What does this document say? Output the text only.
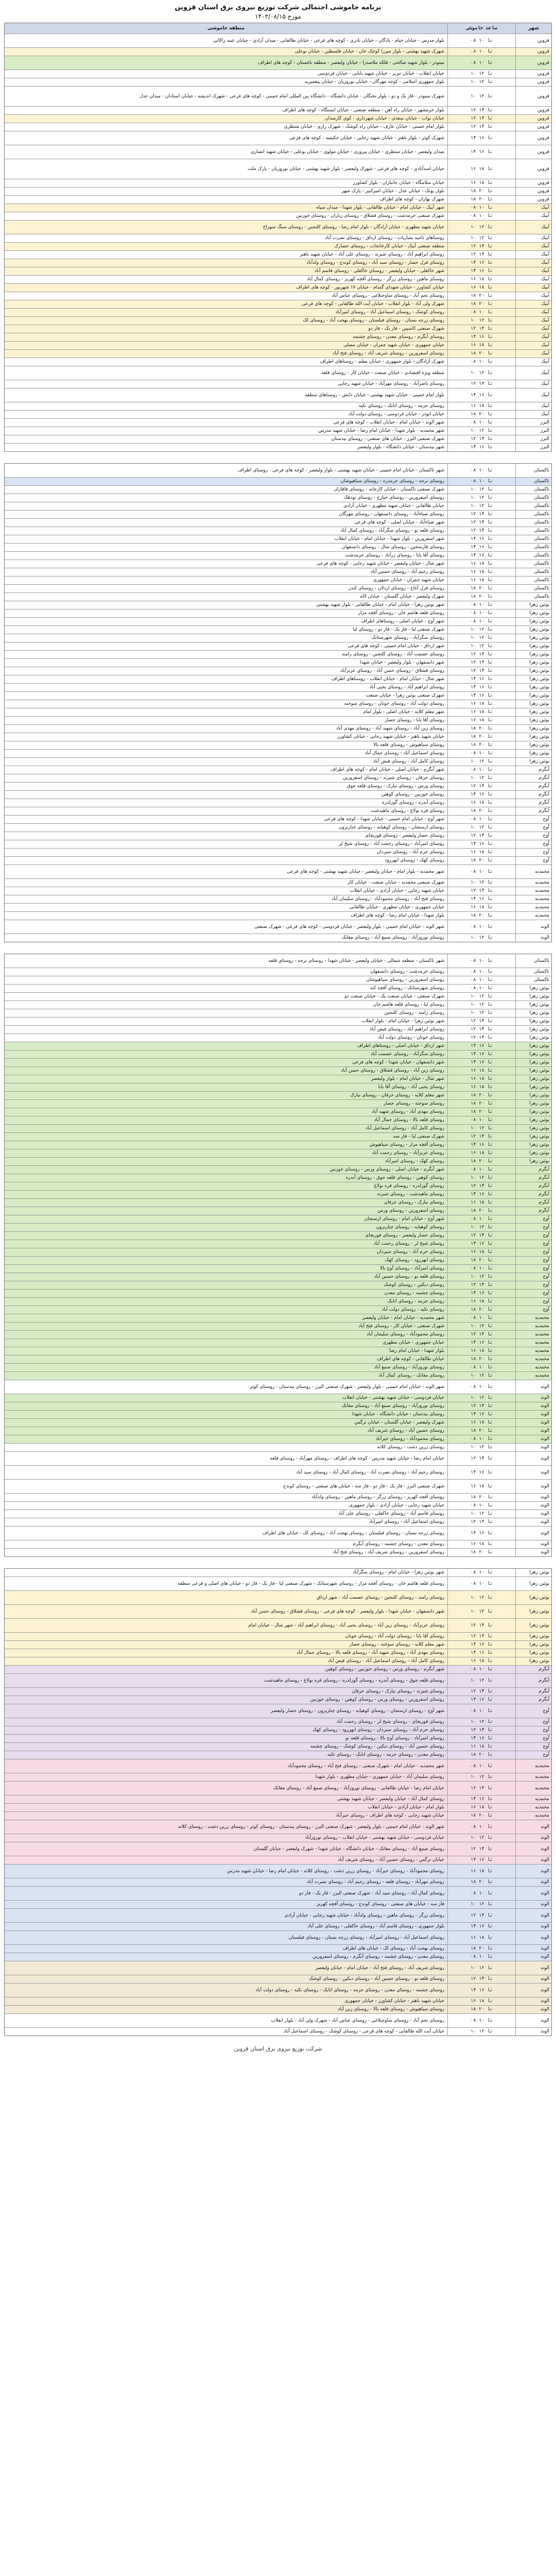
برنامه خاموشی احتمالی شرکت توزیع نیروی برق استان قزوین
مورخ ۱۴۰۳/۰۸/۱۵
شهر
ساعت خاموشی
منطقه خاموشی
قزوین
۰۸ تا ۱۰
بلوار مدرس - خیابان خیام - پادگان - خیابان نادری - کوچه های فرعی - خیابان طالقانی - میدان آزادی - خیابان عبید زاکانی
قزوین
۰۸ تا ۱۰
شهرک شهید بهشتی - بلوار میرزا کوچک خان - خیابان فلسطین - خیابان بوعلی
قزوین
۰۸ تا ۱۰
مینودر - بلوار شهید صالحی - فلکه ملاصدرا - خیابان ولیعصر - منطقه باغستان - کوچه های اطراف
قزوین
۱۰ تا ۱۲
خیابان انقلاب - خیابان تبریز - خیابان شهید بابایی - خیابان فردوسی
قزوین
۱۰ تا ۱۲
بلوار جمهوری اسلامی - کوچه مهرگان - خیابان نوروزیان - خیابان پیغمبریه
قزوین
۱۰ تا ۱۲
شهرک مینودر - فاز یک و دو - بلوار نخبگان - خیابان دانشگاه - دانشگاه بین المللی امام خمینی - کوچه های فرعی - شهرک اندیشه - خیابان استادان - میدان عدل
قزوین
۱۲ تا ۱۴
بلوار خرمشهر - خیابان راه آهن - منطقه صنعتی - خیابان ایستگاه - کوچه های اطراف
قزوین
۱۲ تا ۱۴
خیابان نواب - خیابان سعدی - خیابان شهرداری - کوی کارمندان
قزوین
۱۲ تا ۱۴
بلوار امام خمینی - خیابان عارف - خیابان راه کوشک - شهرک رازی - خیابان منتظری
قزوین
۱۴ تا ۱۶
شهرک کوثر - بلوار باهنر - خیابان شهید رجایی - خیابان حکیمیه - کوچه های فرعی
قزوین
۱۴ تا ۱۶
میدان ولیعصر - خیابان منتظری - خیابان پیروزی - خیابان مولوی - خیابان بوعلی - خیابان شهید انصاری
قزوین
۱۶ تا ۱۸
خیابان اسدآبادی - کوچه های فرعی - شهرک ولیعصر - بلوار شهید بهشتی - خیابان نوروزیان - پارک ملت
قزوین
۱۶ تا ۱۸
خیابان سلامگاه - خیابان جانبازان - بلوار کشاورز
قزوین
۱۸ تا ۲۰
بلوار پونک - خیابان عدل - خیابان امیرکبیر - پارک شهر
قزوین
۱۸ تا ۲۰
شهرک بهاران - کوچه های اطراف
آبیک
۰۸ تا ۱۰
شهر آبیک - خیابان امام - خیابان طالقانی - بلوار شهدا - میدان سپاه
آبیک
۰۸ تا ۱۰
شهرک صنعتی خرمدشت - روستای قشلاق - روستای زیاران - روستای خوزنین
آبیک
۱۰ تا ۱۲
خیابان شهید مطهری - خیابان آزادگان - بلوار امام رضا - روستای کلنجین - روستای سنگ سوراخ
آبیک
۱۰ تا ۱۲
روستاهای ناحیه بشاریات - روستای ارداق - روستای نصرت آباد
آبیک
۱۲ تا ۱۴
منطقه صنعتی آبیک - خیابان کارخانجات - روستای حصارک
آبیک
۱۲ تا ۱۴
روستای ابراهیم آباد - روستای شیزند - روستای علی آباد - خیابان شهید باهنر
آبیک
۱۴ تا ۱۶
روستای قزل حصار - روستای سید آباد - روستای کوندج - روستای ولدآباد
آبیک
۱۴ تا ۱۶
شهر خاکعلی - خیابان ولیعصر - روستای خاکعلی - روستای قاسم آباد
آبیک
۱۶ تا ۱۸
روستای ماهین - روستای زرگر - روستای آقچه کهریز - روستای کمال آباد
آبیک
۱۶ تا ۱۸
خیابان کشاورز - خیابان شهدای گمنام - خیابان ۱۷ شهریور - کوچه های اطراف
آبیک
۱۸ تا ۲۰
روستای نجم آباد - روستای ساوجبلاغی - روستای عباس آباد
آبیک
۱۸ تا ۲۰
شهرک ولی آباد - بلوار انقلاب - خیابان آیت الله طالقانی - کوچه های فرعی
آبیک
۰۸ تا ۱۰
روستای کوشک - روستای اسماعیل آباد - روستای امیرآباد
آبیک
۱۰ تا ۱۲
روستای زرجه بستان - روستای فیلستان - روستای بهجت آباد - روستای لک
آبیک
۱۲ تا ۱۴
شهرک صنعتی کاسپین - فاز یک - فاز دو
آبیک
۱۴ تا ۱۶
روستای آبگرم - روستای معدن - روستای چشمه
آبیک
۱۶ تا ۱۸
خیابان جمهوری - خیابان شهید چمران - خیابان مصلی
آبیک
۱۸ تا ۲۰
روستای اسفرورین - روستای شریف آباد - روستای فتح آباد
آبیک
۰۸ تا ۱۰
شهرک آزادگان - بلوار جمهوری - خیابان معلم - روستاهای اطراف
آبیک
۱۰ تا ۱۲
منطقه ویژه اقتصادی - خیابان صنعت - خیابان کار - روستای قلعه
آبیک
۱۲ تا ۱۴
روستای ناصرآباد - روستای مهرآباد - خیابان شهید رجایی
آبیک
۱۴ تا ۱۶
بلوار امام خمینی - خیابان شهید بهشتی - خیابان دانش - روستاهای منطقه
آبیک
۱۶ تا ۱۸
روستای جزمه - روستای اتابک - روستای تکیه
آبیک
۱۸ تا ۲۰
خیابان ابوذر - خیابان فردوسی - روستای دولت آباد
البرز
۰۸ تا ۱۰
شهر الوند - خیابان امام - خیابان انقلاب - کوچه های فرعی
البرز
۱۰ تا ۱۲
شهر محمدیه - بلوار شهدا - خیابان امام رضا - خیابان شهید مدرس
البرز
۱۲ تا ۱۴
شهرک صنعتی البرز - خیابان های صنعتی - روستای بیدستان
البرز
۱۴ تا ۱۶
شهر بیدستان - خیابان دانشگاه - بلوار ولیعصر
تاکستان
۰۸ تا ۱۰
شهر تاکستان - خیابان امام خمینی - خیابان شهید بهشتی - بلوار ولیعصر - کوچه های فرعی - روستای اطراف
تاکستان
۰۸ تا ۱۰
روستای نرجه - روستای خرمدره - روستای سیاهپوشان
تاکستان
۱۰ تا ۱۲
شهرک صنعتی تاکستان - خیابان کارخانه - روستای قاقازان
تاکستان
۱۰ تا ۱۲
روستای اسفرورین - روستای خیارج - روستای نودهک
تاکستان
۱۰ تا ۱۲
خیابان طالقانی - خیابان شهید مطهری - خیابان آزادی
تاکستان
۱۲ تا ۱۴
روستای ضیاءآباد - روستای دانسفهان - روستای مهرگان
تاکستان
۱۲ تا ۱۴
شهر ضیاءآباد - خیابان اصلی - کوچه های فرعی
تاکستان
۱۲ تا ۱۴
روستای قلعه نو - روستای سگزآباد - روستای کمال آباد
تاکستان
۱۴ تا ۱۶
شهر اسفرورین - بلوار شهدا - خیابان امام - خیابان انقلاب
تاکستان
۱۴ تا ۱۶
روستای فارسجین - روستای شال - روستای دانسفهان
تاکستان
۱۴ تا ۱۶
روستای آقا بابا - روستای زرآباد - روستای خرمدشت
تاکستان
۱۶ تا ۱۸
شهر شال - خیابان ولیعصر - خیابان شهید رجایی - کوچه های فرعی
تاکستان
۱۶ تا ۱۸
روستای رحیم آباد - روستای حسین آباد
تاکستان
۱۶ تا ۱۸
خیابان شهید چمران - خیابان جمهوری
تاکستان
۱۸ تا ۲۰
روستای قزل آغاج - روستای اردلان - روستای کندر
تاکستان
۱۸ تا ۲۰
شهرک ولیعصر - خیابان گلستان - خیابان لاله
بوئین زهرا
۰۸ تا ۱۰
شهر بوئین زهرا - خیابان امام - خیابان طالقانی - بلوار شهید بهشتی
بوئین زهرا
۰۸ تا ۱۰
روستای قلعه هاشم خان - روستای آقچه مزار
بوئین زهرا
۰۸ تا ۱۰
شهر آوج - خیابان اصلی - روستاهای اطراف
بوئین زهرا
۱۰ تا ۱۲
شهرک صنعتی لیا - فاز یک - فاز دو - روستای لیا
بوئین زهرا
۱۰ تا ۱۲
روستای سگزآباد - روستای شهرستانک
بوئین زهرا
۱۰ تا ۱۲
شهر ارداق - خیابان امام خمینی - کوچه های فرعی
بوئین زهرا
۱۲ تا ۱۴
روستای عصمت آباد - روستای کلنجین - روستای رامند
بوئین زهرا
۱۲ تا ۱۴
شهر دانسفهان - بلوار ولیعصر - خیابان شهدا
بوئین زهرا
۱۲ تا ۱۴
روستای قشلاق - روستای حسن آباد - روستای عزیزآباد
بوئین زهرا
۱۴ تا ۱۶
شهر شال - خیابان امام - خیابان انقلاب - روستاهای اطراف
بوئین زهرا
۱۴ تا ۱۶
روستای ابراهیم آباد - روستای یحیی آباد
بوئین زهرا
۱۴ تا ۱۶
شهرک صنعتی بوئین زهرا - خیابان صنعت
بوئین زهرا
۱۶ تا ۱۸
روستای دولت آباد - روستای خونان - روستای سوخته
بوئین زهرا
۱۶ تا ۱۸
شهر معلم کلایه - خیابان اصلی - بلوار امام
بوئین زهرا
۱۶ تا ۱۸
روستای آقا بابا - روستای حصار
بوئین زهرا
۱۸ تا ۲۰
روستای زین آباد - روستای شهید آباد - روستای مهدی آباد
بوئین زهرا
۱۸ تا ۲۰
خیابان شهید باهنر - خیابان شهید رجایی - خیابان کشاورز
بوئین زهرا
۱۸ تا ۲۰
روستای سیاهپوش - روستای قلعه بالا
بوئین زهرا
۰۸ تا ۱۰
روستای اسماعیل آباد - روستای جمال آباد
بوئین زهرا
۱۰ تا ۱۲
روستای کامل آباد - روستای فیض آباد
آبگرم
۰۸ تا ۱۰
شهر آبگرم - خیابان اصلی - خیابان امام - کوچه های اطراف
آبگرم
۱۰ تا ۱۲
روستای خرقان - روستای شیزند - روستای اسفرورین
آبگرم
۱۲ تا ۱۴
روستای ورس - روستای نیارک - روستای قلعه جوق
آبگرم
۱۴ تا ۱۶
روستای خوزنین - روستای کوهین
آبگرم
۱۶ تا ۱۸
روستای آبدره - روستای گوزلدره
آبگرم
۱۸ تا ۲۰
روستای قره بولاغ - روستای ماهیدشت
آوج
۰۸ تا ۱۰
شهر آوج - خیابان امام خمینی - خیابان شهدا - کوچه های فرعی
آوج
۱۰ تا ۱۲
روستای ارسنجان - روستای کوهپایه - روستای چناربرون
آوج
۱۲ تا ۱۴
روستای حصار ولیعصر - روستای قوریچای
آوج
۱۴ تا ۱۶
روستای امیرآباد - روستای رحمت آباد - روستای شیخ لر
آوج
۱۶ تا ۱۸
روستای خرم آباد - روستای سیردان
آوج
۱۸ تا ۲۰
روستای کهک - روستای ابهررود
محمدیه
۰۸ تا ۱۰
شهر محمدیه - بلوار امام - خیابان ولیعصر - خیابان شهید بهشتی - کوچه های فرعی
محمدیه
۱۰ تا ۱۲
شهرک صنعتی محمدیه - خیابان صنعت - خیابان کار
محمدیه
۱۲ تا ۱۴
خیابان شهید رجایی - خیابان آزادی - خیابان انقلاب
محمدیه
۱۴ تا ۱۶
روستای فتح آباد - روستای محمودآباد - روستای سلیمان آباد
محمدیه
۱۶ تا ۱۸
خیابان جمهوری - خیابان مطهری - خیابان طالقانی
محمدیه
۱۸ تا ۲۰
بلوار شهدا - خیابان امام رضا - کوچه های اطراف
الوند
۰۸ تا ۱۰
شهر الوند - خیابان امام خمینی - بلوار ولیعصر - خیابان فردوسی - کوچه های فرعی - شهرک صنعتی
الوند
۱۰ تا ۱۲
روستای نوروزآباد - روستای صمغ آباد - روستای مغانک
تاکستان
۰۸ تا ۱۰
شهر تاکستان - منطقه شمالی - خیابان ولیعصر - خیابان شهدا - روستای نرجه - روستای قلعه
تاکستان
۰۸ تا ۱۰
روستای خرمدشت - روستای دانسفهان
تاکستان
۰۸ تا ۱۰
روستای اسفرورین - روستای سیاهپوشان
بوئین زهرا
۰۸ تا ۱۰
روستای شهرستانک - روستای آقچه کند
بوئین زهرا
۱۰ تا ۱۲
شهرک صنعتی - خیابان صنعت یک - خیابان صنعت دو
بوئین زهرا
۱۰ تا ۱۲
روستای لیا - روستای قلعه هاشم خان
بوئین زهرا
۱۰ تا ۱۲
روستای رامند - روستای کلنجین
بوئین زهرا
۱۲ تا ۱۴
شهر بوئین زهرا - خیابان امام - بلوار انقلاب
بوئین زهرا
۱۲ تا ۱۴
روستای ابراهیم آباد - روستای فیض آباد
بوئین زهرا
۱۲ تا ۱۴
روستای خونان - روستای دولت آباد
بوئین زهرا
۱۴ تا ۱۶
شهر ارداق - خیابان اصلی - روستاهای اطراف
بوئین زهرا
۱۴ تا ۱۶
روستای سگزآباد - روستای عصمت آباد
بوئین زهرا
۱۴ تا ۱۶
شهر دانسفهان - خیابان شهدا - کوچه های فرعی
بوئین زهرا
۱۶ تا ۱۸
روستای زین آباد - روستای قشلاق - روستای حسن آباد
بوئین زهرا
۱۶ تا ۱۸
شهر شال - خیابان امام - بلوار ولیعصر
بوئین زهرا
۱۶ تا ۱۸
روستای یحیی آباد - روستای آقا بابا
بوئین زهرا
۱۸ تا ۲۰
شهر معلم کلایه - روستای خرقان - روستای نیارک
بوئین زهرا
۱۸ تا ۲۰
روستای سوخته - روستای حصار
بوئین زهرا
۱۸ تا ۲۰
روستای مهدی آباد - روستای شهید آباد
بوئین زهرا
۰۸ تا ۱۰
روستای قلعه بالا - روستای جمال آباد
بوئین زهرا
۱۰ تا ۱۲
روستای کامل آباد - روستای اسماعیل آباد
بوئین زهرا
۱۲ تا ۱۴
شهرک صنعتی لیا - فاز سه
بوئین زهرا
۱۴ تا ۱۶
روستای آقچه مزار - روستای سیاهپوش
بوئین زهرا
۱۶ تا ۱۸
روستای عزیزآباد - روستای رحمت آباد
بوئین زهرا
۱۸ تا ۲۰
روستای کهک - روستای امیرآباد
آبگرم
۰۸ تا ۱۰
شهر آبگرم - خیابان اصلی - روستای ورس - روستای خوزنین
آبگرم
۱۰ تا ۱۲
روستای کوهین - روستای قلعه جوق - روستای آبدره
آبگرم
۱۲ تا ۱۴
روستای گوزلدره - روستای قره بولاغ
آبگرم
۱۴ تا ۱۶
روستای ماهیدشت - روستای شیزند
آبگرم
۱۶ تا ۱۸
روستای نیارک - روستای خرقان
آبگرم
۱۸ تا ۲۰
روستای اسفرورین - روستای ورس
آوج
۰۸ تا ۱۰
شهر آوج - خیابان امام - روستای ارسنجان
آوج
۱۰ تا ۱۲
روستای کوهپایه - روستای چناربرون
آوج
۱۲ تا ۱۴
روستای حصار ولیعصر - روستای قوریچای
آوج
۱۴ تا ۱۶
روستای شیخ لر - روستای رحمت آباد
آوج
۱۶ تا ۱۸
روستای خرم آباد - روستای سیردان
آوج
۱۸ تا ۲۰
روستای ابهررود - روستای کهک
آوج
۰۸ تا ۱۰
روستای امیرآباد - روستای آوج بالا
آوج
۱۰ تا ۱۲
روستای قلعه نو - روستای حسین آباد
آوج
۱۲ تا ۱۴
روستای دیکین - روستای کوشک
آوج
۱۴ تا ۱۶
روستای چشمه - روستای معدن
آوج
۱۶ تا ۱۸
روستای جزمه - روستای اتابک
آوج
۱۸ تا ۲۰
روستای تکیه - روستای دولت آباد
محمدیه
۰۸ تا ۱۰
شهر محمدیه - خیابان امام - خیابان ولیعصر
محمدیه
۱۰ تا ۱۲
شهرک صنعتی - خیابان کار - روستای فتح آباد
محمدیه
۱۲ تا ۱۴
روستای محمودآباد - روستای سلیمان آباد
محمدیه
۱۴ تا ۱۶
خیابان جمهوری - خیابان مطهری
محمدیه
۱۶ تا ۱۸
بلوار شهدا - خیابان امام رضا
محمدیه
۱۸ تا ۲۰
خیابان طالقانی - کوچه های اطراف
محمدیه
۰۸ تا ۱۰
روستای نوروزآباد - روستای صمغ آباد
محمدیه
۱۰ تا ۱۲
روستای مغانک - روستای کمال آباد
الوند
۰۸ تا ۱۰
شهر الوند - خیابان امام خمینی - بلوار ولیعصر - شهرک صنعتی البرز - روستای بیدستان - روستای کوثر
الوند
۱۰ تا ۱۲
خیابان فردوسی - خیابان شهید بهشتی - خیابان انقلاب
الوند
۱۲ تا ۱۴
روستای نوروزآباد - روستای صمغ آباد - روستای مغانک
الوند
۱۴ تا ۱۶
روستای بیدستان - خیابان دانشگاه - خیابان شهدا
الوند
۱۶ تا ۱۸
شهرک ولیعصر - خیابان گلستان - خیابان نرگس
الوند
۱۸ تا ۲۰
روستای حسین آباد - روستای شریف آباد
الوند
۰۸ تا ۱۰
روستای محمودآباد - روستای خیرآباد
الوند
۱۰ تا ۱۲
روستای زرین دشت - روستای کلاته
الوند
۱۲ تا ۱۴
خیابان امام رضا - خیابان شهید مدرس - کوچه های اطراف - روستای مهرآباد - روستای قلعه
الوند
۱۴ تا ۱۶
روستای رحیم آباد - روستای نصرت آباد - روستای کمال آباد - روستای سید آباد
الوند
۱۶ تا ۱۸
شهرک صنعتی البرز - فاز یک - فاز دو - فاز سه - خیابان های صنعتی - روستای کوندج
الوند
۱۸ تا ۲۰
روستای آقچه کهریز - روستای زرگر - روستای ماهین - روستای ولدآباد
الوند
۰۸ تا ۱۰
خیابان شهید رجایی - خیابان آزادی - بلوار جمهوری
الوند
۱۰ تا ۱۲
روستای قاسم آباد - روستای خاکعلی - روستای علی آباد
الوند
۱۲ تا ۱۴
روستای اسماعیل آباد - روستای امیرآباد
الوند
۱۴ تا ۱۶
روستای زرجه بستان - روستای فیلستان - روستای بهجت آباد - روستای لک - خیابان های اطراف
الوند
۱۶ تا ۱۸
روستای معدن - روستای چشمه - روستای آبگرم
الوند
۱۸ تا ۲۰
روستای اسفرورین - روستای شریف آباد - روستای فتح آباد
بوئین زهرا
۰۸ تا ۱۰
شهر بوئین زهرا - خیابان امام - روستای سگزآباد
بوئین زهرا
۰۸ تا ۱۰
روستای قلعه هاشم خان - روستای آقچه مزار - روستای شهرستانک - شهرک صنعتی لیا - فاز یک - فاز دو - خیابان های اصلی و فرعی منطقه
بوئین زهرا
۱۰ تا ۱۲
روستای رامند - روستای کلنجین - روستای عصمت آباد - شهر ارداق
بوئین زهرا
۱۰ تا ۱۲
شهر دانسفهان - خیابان شهدا - بلوار ولیعصر - کوچه های فرعی - روستای قشلاق - روستای حسن آباد
بوئین زهرا
۱۲ تا ۱۴
روستای عزیزآباد - روستای زین آباد - روستای یحیی آباد - روستای ابراهیم آباد - شهر شال - خیابان امام
بوئین زهرا
۱۲ تا ۱۴
روستای آقا بابا - روستای دولت آباد - روستای خونان
بوئین زهرا
۱۴ تا ۱۶
شهر معلم کلایه - روستای سوخته - روستای حصار
بوئین زهرا
۱۴ تا ۱۶
روستای مهدی آباد - روستای شهید آباد - روستای قلعه بالا - روستای جمال آباد
بوئین زهرا
۱۶ تا ۱۸
روستای کامل آباد - روستای اسماعیل آباد - روستای فیض آباد
آبگرم
۰۸ تا ۱۰
شهر آبگرم - روستای ورس - روستای خوزنین - روستای کوهین
آبگرم
۱۰ تا ۱۲
روستای قلعه جوق - روستای آبدره - روستای گوزلدره - روستای قره بولاغ - روستای ماهیدشت
آبگرم
۱۲ تا ۱۴
روستای شیزند - روستای نیارک - روستای خرقان
آبگرم
۱۴ تا ۱۶
روستای اسفرورین - روستای ورس - روستای کوهین - روستای خوزنین
آوج
۰۸ تا ۱۰
شهر آوج - روستای ارسنجان - روستای کوهپایه - روستای چناربرون - روستای حصار ولیعصر
آوج
۱۰ تا ۱۲
روستای قوریچای - روستای شیخ لر - روستای رحمت آباد
آوج
۱۲ تا ۱۴
روستای خرم آباد - روستای سیردان - روستای ابهررود - روستای کهک
آوج
۱۴ تا ۱۶
روستای امیرآباد - روستای آوج بالا - روستای قلعه نو
آوج
۱۶ تا ۱۸
روستای حسین آباد - روستای دیکین - روستای کوشک - روستای چشمه
آوج
۱۸ تا ۲۰
روستای معدن - روستای جزمه - روستای اتابک - روستای تکیه
محمدیه
۰۸ تا ۱۰
شهر محمدیه - خیابان امام - شهرک صنعتی - روستای فتح آباد - روستای محمودآباد
محمدیه
۱۰ تا ۱۲
روستای سلیمان آباد - خیابان جمهوری - خیابان مطهری - بلوار شهدا
محمدیه
۱۲ تا ۱۴
خیابان امام رضا - خیابان طالقانی - روستای نوروزآباد - روستای صمغ آباد - روستای مغانک
محمدیه
۱۴ تا ۱۶
روستای کمال آباد - خیابان ولیعصر - خیابان شهید بهشتی
محمدیه
۱۶ تا ۱۸
بلوار امام - خیابان آزادی - خیابان انقلاب
محمدیه
۱۸ تا ۲۰
خیابان شهید رجایی - کوچه های اطراف - روستای خیرآباد
الوند
۰۸ تا ۱۰
شهر الوند - خیابان امام خمینی - بلوار ولیعصر - شهرک صنعتی البرز - روستای بیدستان - روستای کوثر - روستای زرین دشت - روستای کلاته
الوند
۱۰ تا ۱۲
خیابان فردوسی - خیابان شهید بهشتی - خیابان انقلاب - روستای نوروزآباد
الوند
۱۲ تا ۱۴
روستای صمغ آباد - روستای مغانک - خیابان دانشگاه - خیابان شهدا - شهرک ولیعصر - خیابان گلستان
الوند
۱۴ تا ۱۶
خیابان نرگس - روستای حسین آباد - روستای شریف آباد
الوند
۱۶ تا ۱۸
روستای محمودآباد - روستای خیرآباد - روستای زرین دشت - روستای کلاته - خیابان امام رضا - خیابان شهید مدرس
الوند
۱۸ تا ۲۰
روستای مهرآباد - روستای قلعه - روستای رحیم آباد - روستای نصرت آباد
الوند
۰۸ تا ۱۰
روستای کمال آباد - روستای سید آباد - شهرک صنعتی البرز - فاز یک - فاز دو
الوند
۱۰ تا ۱۲
فاز سه - خیابان های صنعتی - روستای کوندج - روستای آقچه کهریز
الوند
۱۲ تا ۱۴
روستای زرگر - روستای ماهین - روستای ولدآباد - خیابان شهید رجایی - خیابان آزادی
الوند
۱۴ تا ۱۶
بلوار جمهوری - روستای قاسم آباد - روستای خاکعلی - روستای علی آباد
الوند
۱۶ تا ۱۸
روستای اسماعیل آباد - روستای امیرآباد - روستای زرجه بستان - روستای فیلستان
الوند
۱۸ تا ۲۰
روستای بهجت آباد - روستای لک - خیابان های اطراف
الوند
۰۸ تا ۱۰
روستای معدن - روستای چشمه - روستای آبگرم - روستای اسفرورین
الوند
۱۰ تا ۱۲
روستای شریف آباد - روستای فتح آباد - خیابان امام - خیابان ولیعصر
الوند
۱۲ تا ۱۴
روستای قلعه نو - روستای حسین آباد - روستای دیکین - روستای کوشک
الوند
۱۴ تا ۱۶
روستای چشمه - روستای معدن - روستای جزمه - روستای اتابک - روستای تکیه - روستای دولت آباد
الوند
۱۶ تا ۱۸
خیابان شهید باهنر - خیابان کشاورز - خیابان جمهوری
الوند
۱۸ تا ۲۰
روستای سیاهپوش - روستای قلعه بالا - روستای زین آباد
الوند
۰۸ تا ۱۰
روستای نجم آباد - روستای ساوجبلاغی - روستای عباس آباد - شهرک ولی آباد - بلوار انقلاب
الوند
۱۰ تا ۱۲
خیابان آیت الله طالقانی - کوچه های فرعی - روستای کوشک - روستای اسماعیل آباد
شرکت توزیع نیروی برق استان قزوین
